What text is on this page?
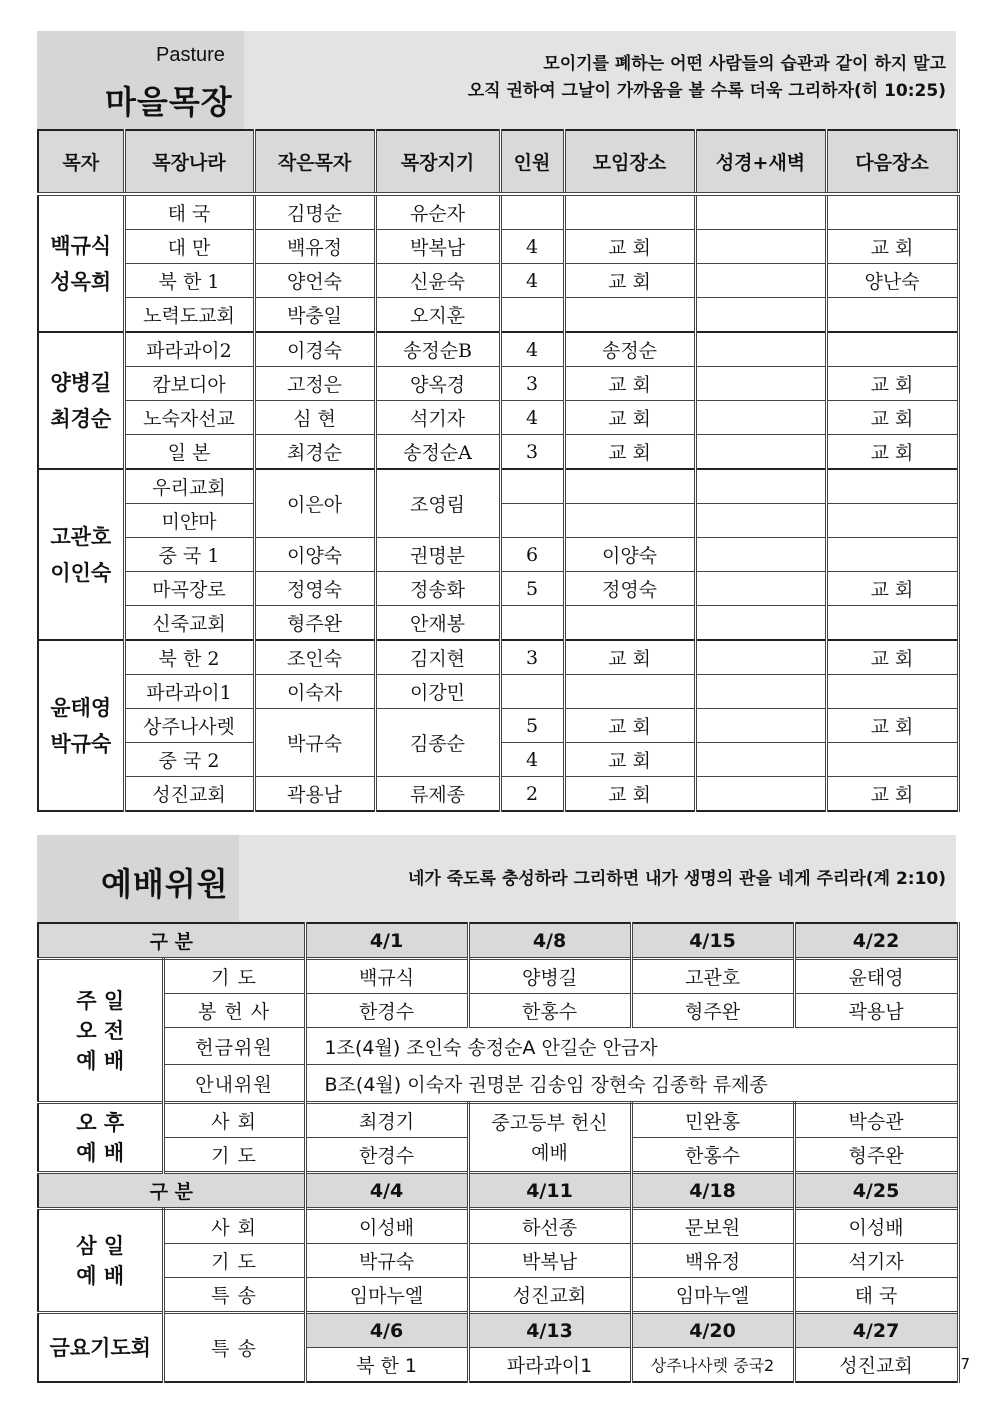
Pasture
마을목장
모이기를 폐하는 어떤 사람들의 습관과 같이 하지 말고
오직 권하여 그날이 가까움을 볼 수록 더욱 그리하자(히 10:25)
목자	목장나라	작은목자	목장지기	인원	모임장소	성경+새벽	다음장소
백규식 성옥희	태 국	김명순	유순자				
	대 만	백유정	박복남	4	교 회		교 회
	북 한 1	양언숙	신윤숙	4	교 회		양난숙
	노력도교회	박충일	오지훈				
양병길 최경순	파라과이2	이경숙	송정순B	4	송정순		
	캄보디아	고정은	양옥경	3	교 회		교 회
	노숙자선교	심 현	석기자	4	교 회		교 회
	일 본	최경순	송정순A	3	교 회		교 회
고관호 이인숙	우리교회	이은아	조영림				
	미얀마						
	중 국 1	이양숙	권명분	6	이양숙		
	마곡장로	정영숙	정송화	5	정영숙		교 회
	신죽교회	형주완	안재봉				
윤태영 박규숙	북 한 2	조인숙	김지현	3	교 회		교 회
	파라과이1	이숙자	이강민				
	상주나사렛	박규숙	김종순	5	교 회		교 회
	중 국 2			4	교 회		
	성진교회	곽용남	류제종	2	교 회		교 회
예배위원	네가 죽도록 충성하라 그리하면 내가 생명의 관을 네게 주리라(계 2:10)
구 분		4/1	4/8	4/15	4/22
주 일 오 전 예 배	기 도	백규식	양병길	고관호	윤태영
	봉 헌 사	한경수	한홍수	형주완	곽용남
	헌금위원	1조(4월) 조인숙 송정순A 안길순 안금자			
	안내위원	B조(4월) 이숙자 권명분 김송임 장현숙 김종학 류제종			
오 후 예 배	사 회	최경기	중고등부 헌신예배	민완홍	박승관
	기 도	한경수		한홍수	형주완
구 분		4/4	4/11	4/18	4/25
삼 일 예 배	사 회	이성배	하선종	문보원	이성배
	기 도	박규숙	박복남	백유정	석기자
	특 송	임마누엘	성진교회	임마누엘	태 국
금요기도회	특 송	4/6	4/13	4/20	4/27
		북 한 1	파라과이1	상주나사렛 중국2	성진교회	7
